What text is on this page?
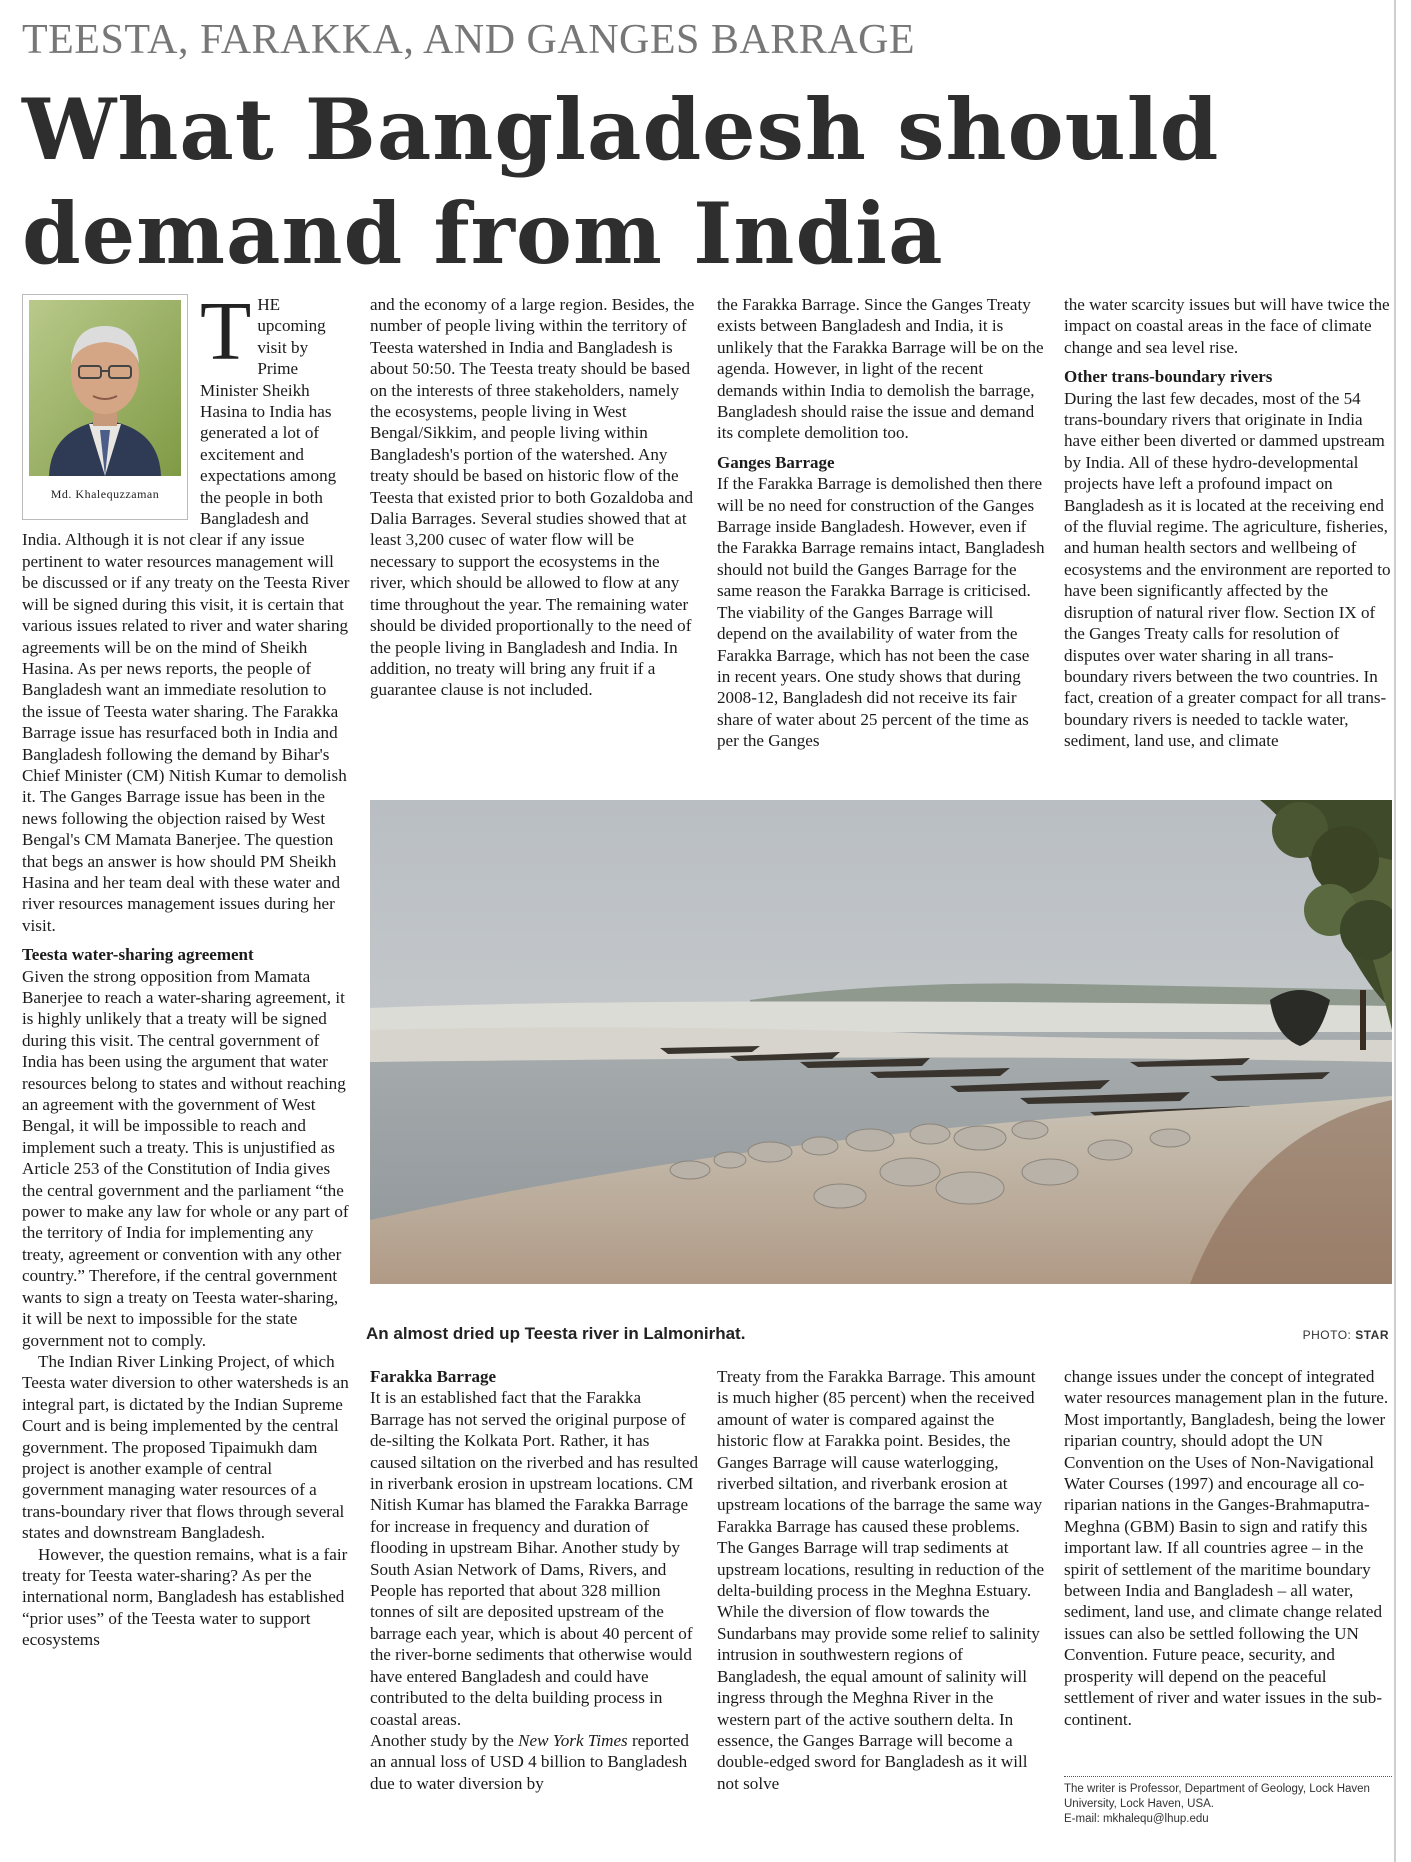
TEESTA, FARAKKA, AND GANGES BARRAGE
What Bangladesh should demand from India
Md. Khalequzzaman
T HE upcoming visit by Prime Minister Sheikh Hasina to India has generated a lot of excitement and expectations among the people in both Bangladesh and India. Although it is not clear if any issue pertinent to water resources management will be discussed or if any treaty on the Teesta River will be signed during this visit, it is certain that various issues related to river and water sharing agreements will be on the mind of Sheikh Hasina. As per news reports, the people of Bangladesh want an immediate resolution to the issue of Teesta water sharing. The Farakka Barrage issue has resurfaced both in India and Bangladesh following the demand by Bihar's Chief Minister (CM) Nitish Kumar to demolish it. The Ganges Barrage issue has been in the news following the objection raised by West Bengal's CM Mamata Banerjee. The question that begs an answer is how should PM Sheikh Hasina and her team deal with these water and river resources management issues during her visit.

Teesta water-sharing agreement

Given the strong opposition from Mamata Banerjee to reach a water-sharing agreement, it is highly unlikely that a treaty will be signed during this visit. The central government of India has been using the argument that water resources belong to states and without reaching an agreement with the government of West Bengal, it will be impossible to reach and implement such a treaty. This is unjustified as Article 253 of the Constitution of India gives the central government and the parliament “the power to make any law for whole or any part of the territory of India for implementing any treaty, agreement or convention with any other country.” Therefore, if the central government wants to sign a treaty on Teesta water-sharing, it will be next to impossible for the state government not to comply.

The Indian River Linking Project, of which Teesta water diversion to other watersheds is an integral part, is dictated by the Indian Supreme Court and is being implemented by the central government. The proposed Tipaimukh dam project is another example of central government managing water resources of a trans-boundary river that flows through several states and downstream Bangladesh.

However, the question remains, what is a fair treaty for Teesta water-sharing? As per the international norm, Bangladesh has established “prior uses” of the Teesta water to support ecosystems

and the economy of a large region. Besides, the number of people living within the territory of Teesta watershed in India and Bangladesh is about 50:50. The Teesta treaty should be based on the interests of three stakeholders, namely the ecosystems, people living in West Bengal/Sikkim, and people living within Bangladesh's portion of the watershed. Any treaty should be based on historic flow of the Teesta that existed prior to both Gozaldoba and Dalia Barrages. Several studies showed that at least 3,200 cusec of water flow will be necessary to support the ecosystems in the river, which should be allowed to flow at any time throughout the year. The remaining water should be divided proportionally to the need of the people living in Bangladesh and India. In addition, no treaty will bring any fruit if a guarantee clause is not included.

the Farakka Barrage. Since the Ganges Treaty exists between Bangladesh and India, it is unlikely that the Farakka Barrage will be on the agenda. However, in light of the recent demands within India to demolish the barrage, Bangladesh should raise the issue and demand its complete demolition too.

Ganges Barrage

If the Farakka Barrage is demolished then there will be no need for construction of the Ganges Barrage inside Bangladesh. However, even if the Farakka Barrage remains intact, Bangladesh should not build the Ganges Barrage for the same reason the Farakka Barrage is criticised. The viability of the Ganges Barrage will depend on the availability of water from the Farakka Barrage, which has not been the case in recent years. One study shows that during 2008-12, Bangladesh did not receive its fair share of water about 25 percent of the time as per the Ganges

the water scarcity issues but will have twice the impact on coastal areas in the face of climate change and sea level rise.

Other trans-boundary rivers

During the last few decades, most of the 54 trans-boundary rivers that originate in India have either been diverted or dammed upstream by India. All of these hydro-developmental projects have left a profound impact on Bangladesh as it is located at the receiving end of the fluvial regime. The agriculture, fisheries, and human health sectors and wellbeing of ecosystems and the environment are reported to have been significantly affected by the disruption of natural river flow. Section IX of the Ganges Treaty calls for resolution of disputes over water sharing in all trans-boundary rivers between the two countries. In fact, creation of a greater compact for all trans-boundary rivers is needed to tackle water, sediment, land use, and climate

An almost dried up Teesta river in Lalmonirhat.	PHOTO: STAR
Farakka Barrage

It is an established fact that the Farakka Barrage has not served the original purpose of de-silting the Kolkata Port. Rather, it has caused siltation on the riverbed and has resulted in riverbank erosion in upstream locations. CM Nitish Kumar has blamed the Farakka Barrage for increase in frequency and duration of flooding in upstream Bihar. Another study by South Asian Network of Dams, Rivers, and People has reported that about 328 million tonnes of silt are deposited upstream of the barrage each year, which is about 40 percent of the river-borne sediments that otherwise would have entered Bangladesh and could have contributed to the delta building process in coastal areas.

Another study by the New York Times reported an annual loss of USD 4 billion to Bangladesh due to water diversion by

Treaty from the Farakka Barrage. This amount is much higher (85 percent) when the received amount of water is compared against the historic flow at Farakka point. Besides, the Ganges Barrage will cause waterlogging, riverbed siltation, and riverbank erosion at upstream locations of the barrage the same way Farakka Barrage has caused these problems. The Ganges Barrage will trap sediments at upstream locations, resulting in reduction of the delta-building process in the Meghna Estuary. While the diversion of flow towards the Sundarbans may provide some relief to salinity intrusion in southwestern regions of Bangladesh, the equal amount of salinity will ingress through the Meghna River in the western part of the active southern delta. In essence, the Ganges Barrage will become a double-edged sword for Bangladesh as it will not solve

change issues under the concept of integrated water resources management plan in the future. Most importantly, Bangladesh, being the lower riparian country, should adopt the UN Convention on the Uses of Non-Navigational Water Courses (1997) and encourage all co-riparian nations in the Ganges-Brahmaputra-Meghna (GBM) Basin to sign and ratify this important law. If all countries agree – in the spirit of settlement of the maritime boundary between India and Bangladesh – all water, sediment, land use, and climate change related issues can also be settled following the UN Convention. Future peace, security, and prosperity will depend on the peaceful settlement of river and water issues in the sub-continent.

The writer is Professor, Department of Geology, Lock Haven University, Lock Haven, USA.
E-mail: mkhalequ@lhup.edu
